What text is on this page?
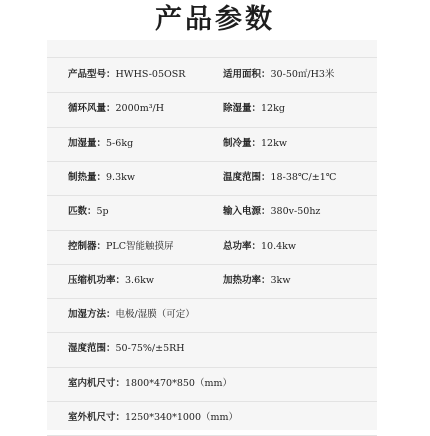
产品参数
产品型号：HWHS-05OSR	适用面积：30-50㎡/H3米
循环风量：2000m³/H	除湿量：12kg
加湿量：5-6kg	制冷量：12kw
制热量：9.3kw	温度范围：18-38℃/±1℃
匹数：5p	输入电源：380v-50hz
控制器：PLC智能触摸屏	总功率：10.4kw
压缩机功率：3.6kw	加热功率：3kw
加湿方法：电极/湿膜（可定）
湿度范围：50-75%/±5RH
室内机尺寸：1800*470*850（mm）
室外机尺寸：1250*340*1000（mm）
